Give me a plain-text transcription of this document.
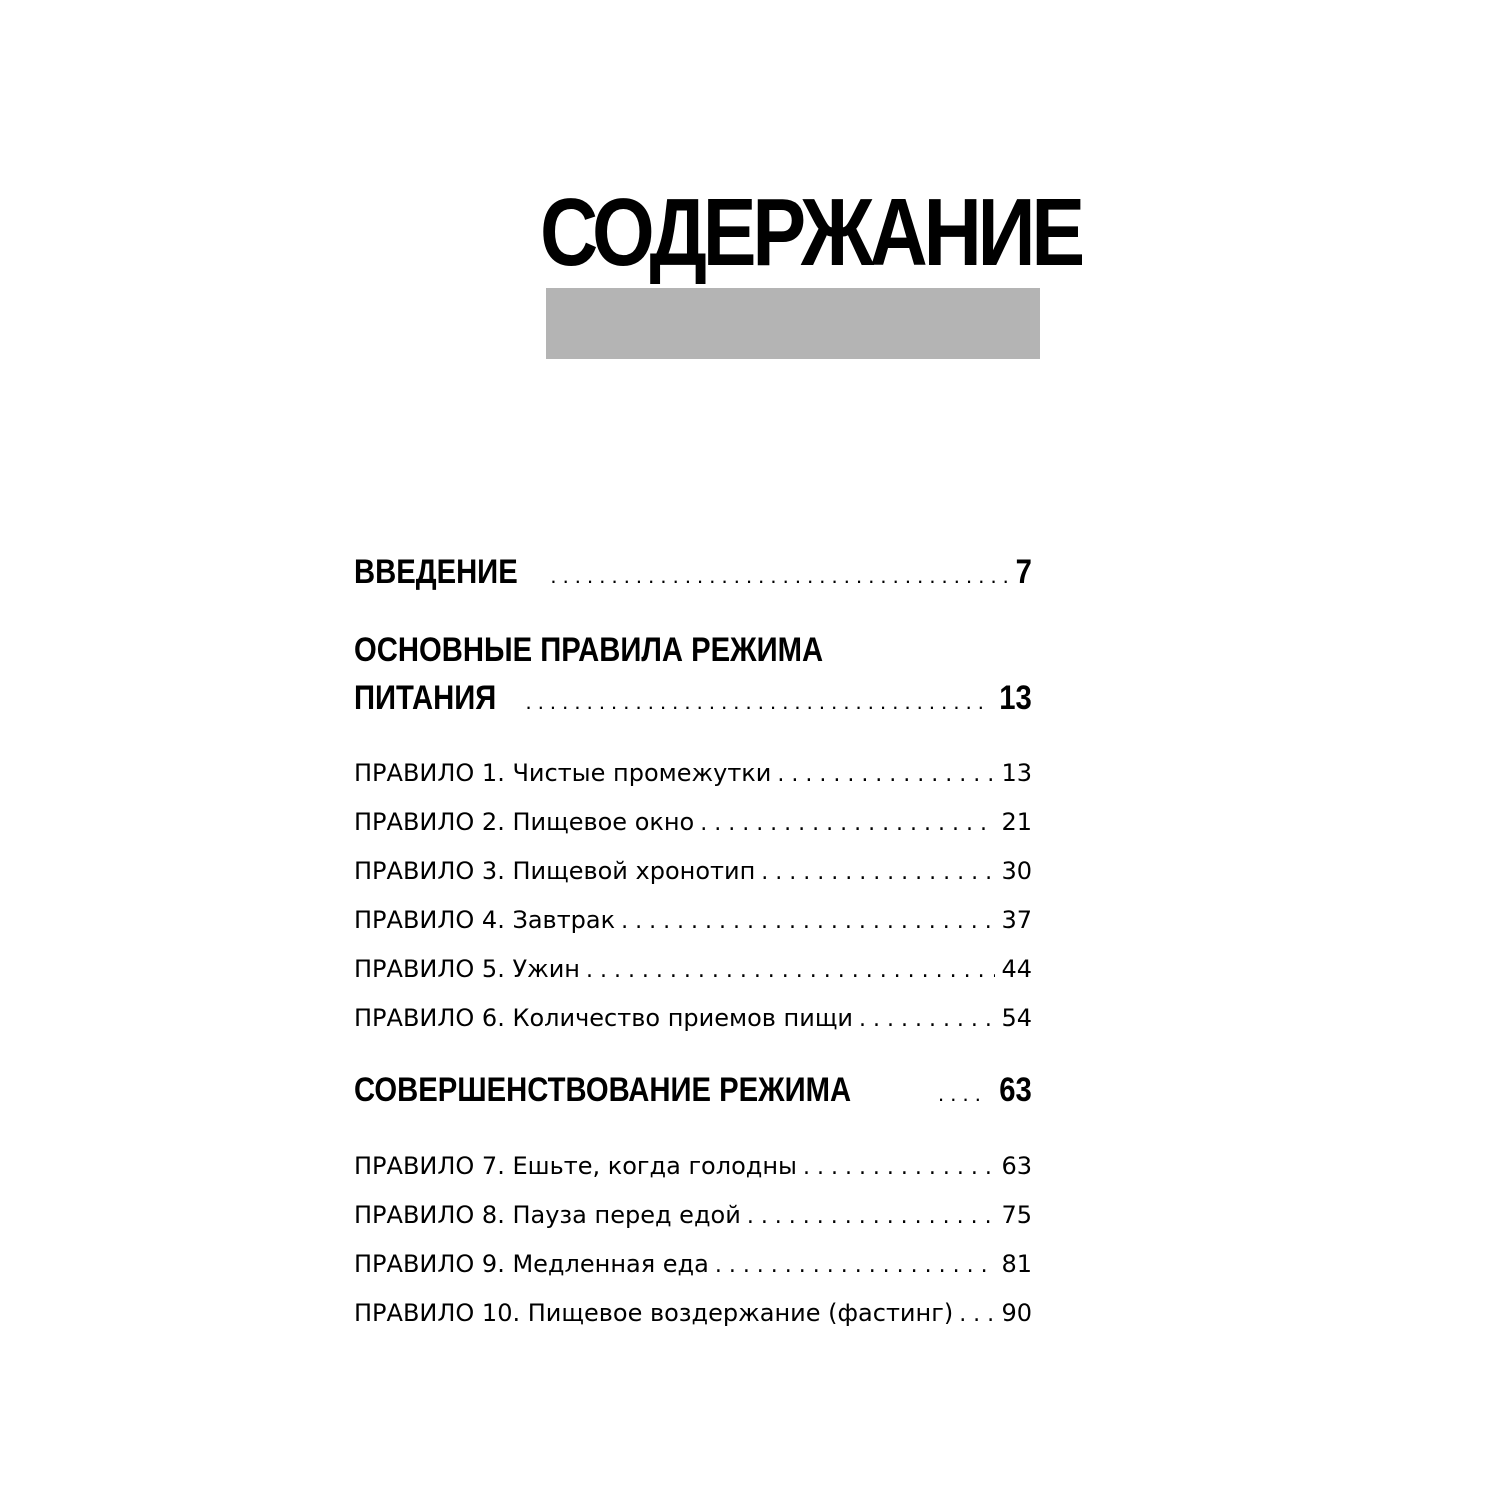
СОДЕРЖАНИЕ
ВВЕДЕНИЕ . . .	7
ОСНОВНЫЕ ПРАВИЛА РЕЖИМА
ПИТАНИЯ . . .	13
ПРАВИЛО 1. Чистые промежутки . . .	13
ПРАВИЛО 2. Пищевое окно . . .	21
ПРАВИЛО 3. Пищевой хронотип . . .	30
ПРАВИЛО 4. Завтрак . . .	37
ПРАВИЛО 5. Ужин . . .	44
ПРАВИЛО 6. Количество приемов пищи . . .	54
СОВЕРШЕНСТВОВАНИЕ РЕЖИМА . . .	63
ПРАВИЛО 7. Ешьте, когда голодны . . .	63
ПРАВИЛО 8. Пауза перед едой . . .	75
ПРАВИЛО 9. Медленная еда . . .	81
ПРАВИЛО 10. Пищевое воздержание (фастинг) . . . 90
